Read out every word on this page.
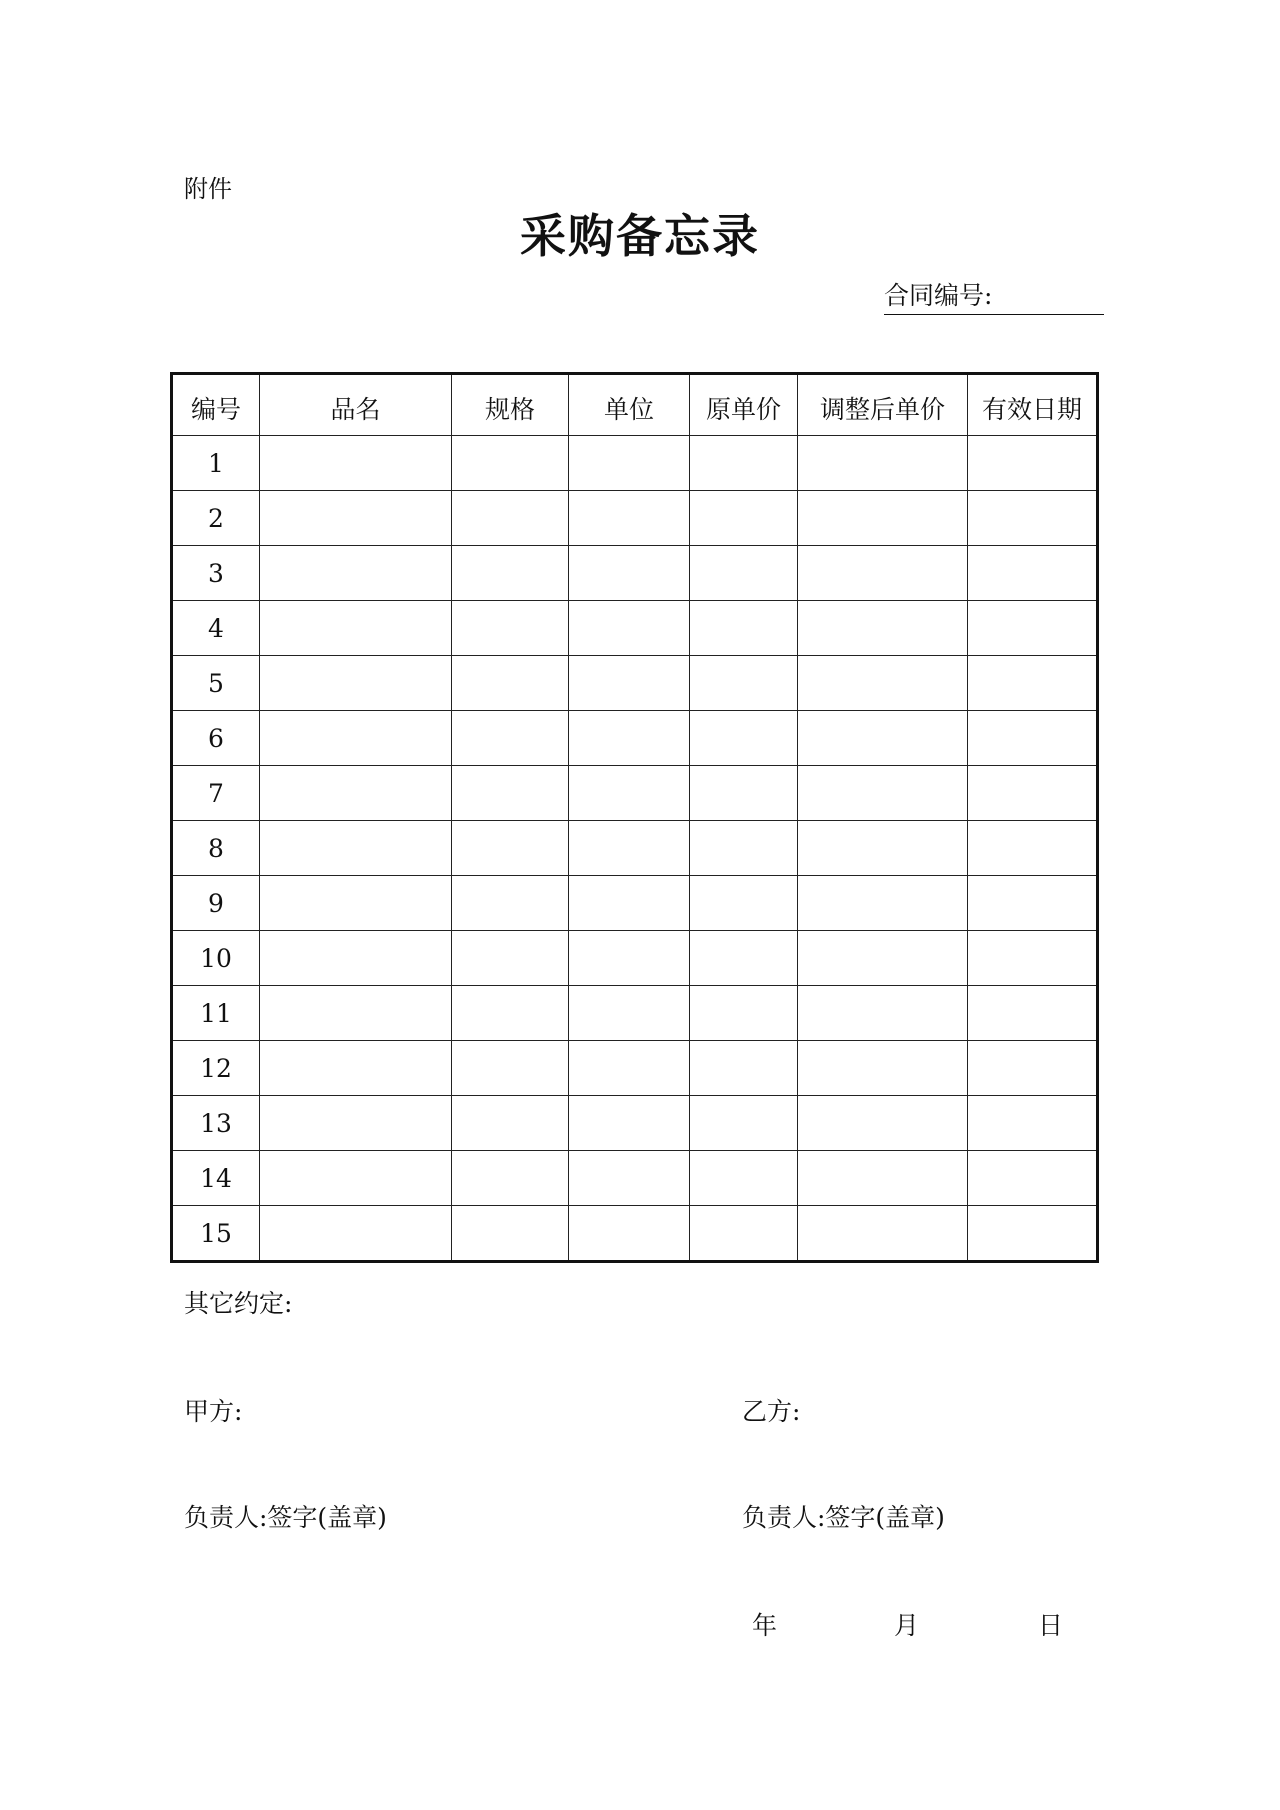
附件
采购备忘录
合同编号:
编号	品名	规格	单位	原单价	调整后单价	有效日期
1						
2						
3						
4						
5						
6						
7						
8						
9						
10						
11						
12						
13						
14						
15						
其它约定:
甲方:	乙方:
负责人:签字(盖章)	负责人:签字(盖章)
年	月	日
